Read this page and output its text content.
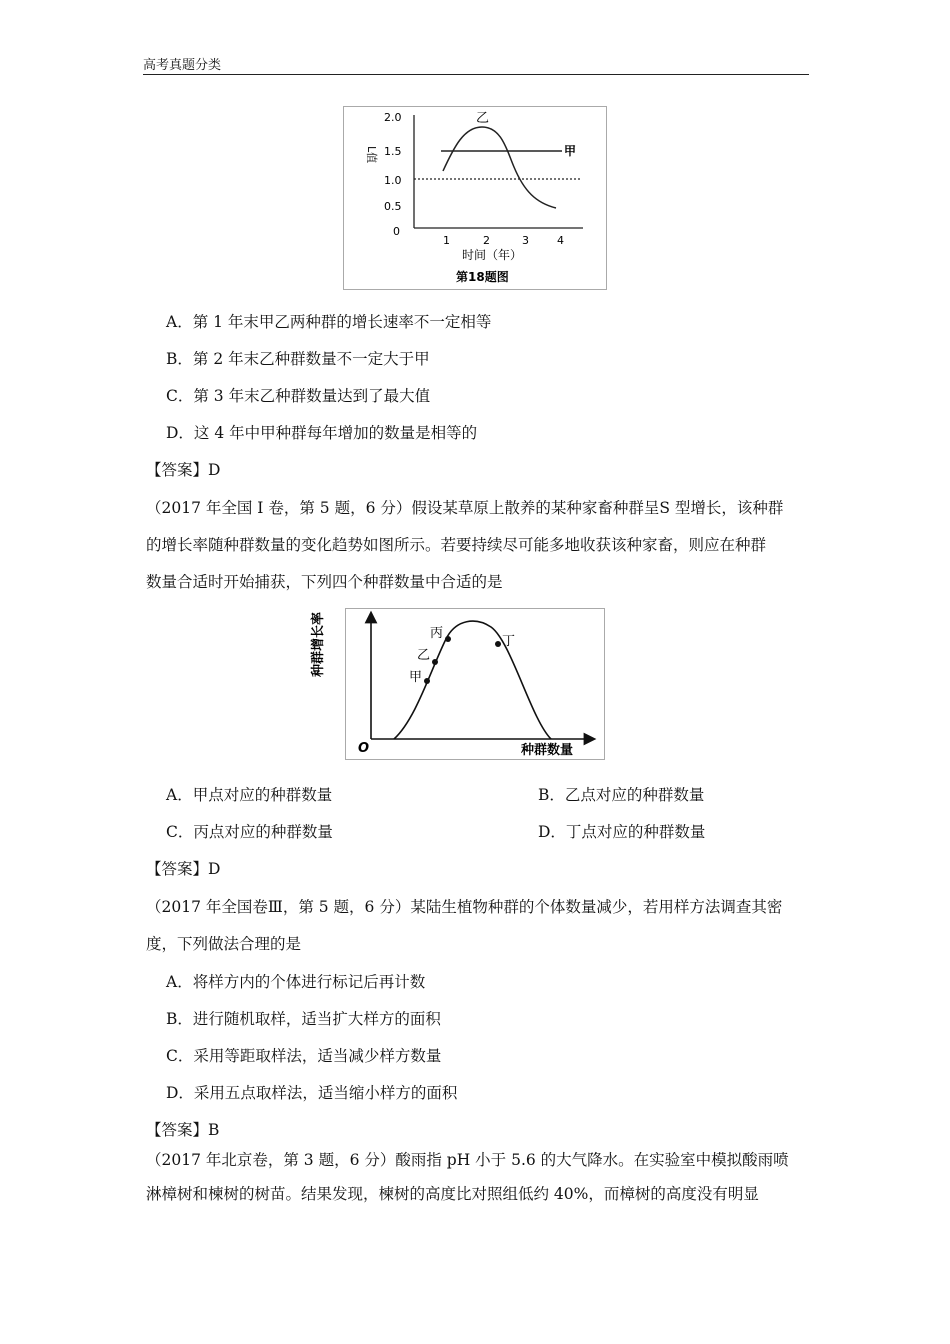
高考真题分类
2.0
1.5
1.0
0.5
0
L值
1	2	3	4
时间（年）
甲
乙
第18题图
A．第 1 年末甲乙两种群的增长速率不一定相等
B．第 2 年末乙种群数量不一定大于甲
C．第 3 年末乙种群数量达到了最大值
D．这 4 年中甲种群每年增加的数量是相等的
【答案】D
（2017 年全国 I 卷，第 5 题，6 分）假设某草原上散养的某种家畜种群呈S 型增长，该种群
的增长率随种群数量的变化趋势如图所示。若要持续尽可能多地收获该种家畜，则应在种群
数量合适时开始捕获，下列四个种群数量中合适的是
O
种群增长率
种群数量
甲
乙
丙
丁
A．甲点对应的种群数量	B．乙点对应的种群数量
C．丙点对应的种群数量	D．丁点对应的种群数量
【答案】D
（2017 年全国卷Ⅲ，第 5 题，6 分）某陆生植物种群的个体数量减少，若用样方法调查其密
度，下列做法合理的是
A．将样方内的个体进行标记后再计数
B．进行随机取样，适当扩大样方的面积
C．采用等距取样法，适当减少样方数量
D．采用五点取样法，适当缩小样方的面积
【答案】B
（2017 年北京卷，第 3 题，6 分）酸雨指 pH 小于 5.6 的大气降水。在实验室中模拟酸雨喷
淋樟树和楝树的树苗。结果发现，楝树的高度比对照组低约 40%，而樟树的高度没有明显
